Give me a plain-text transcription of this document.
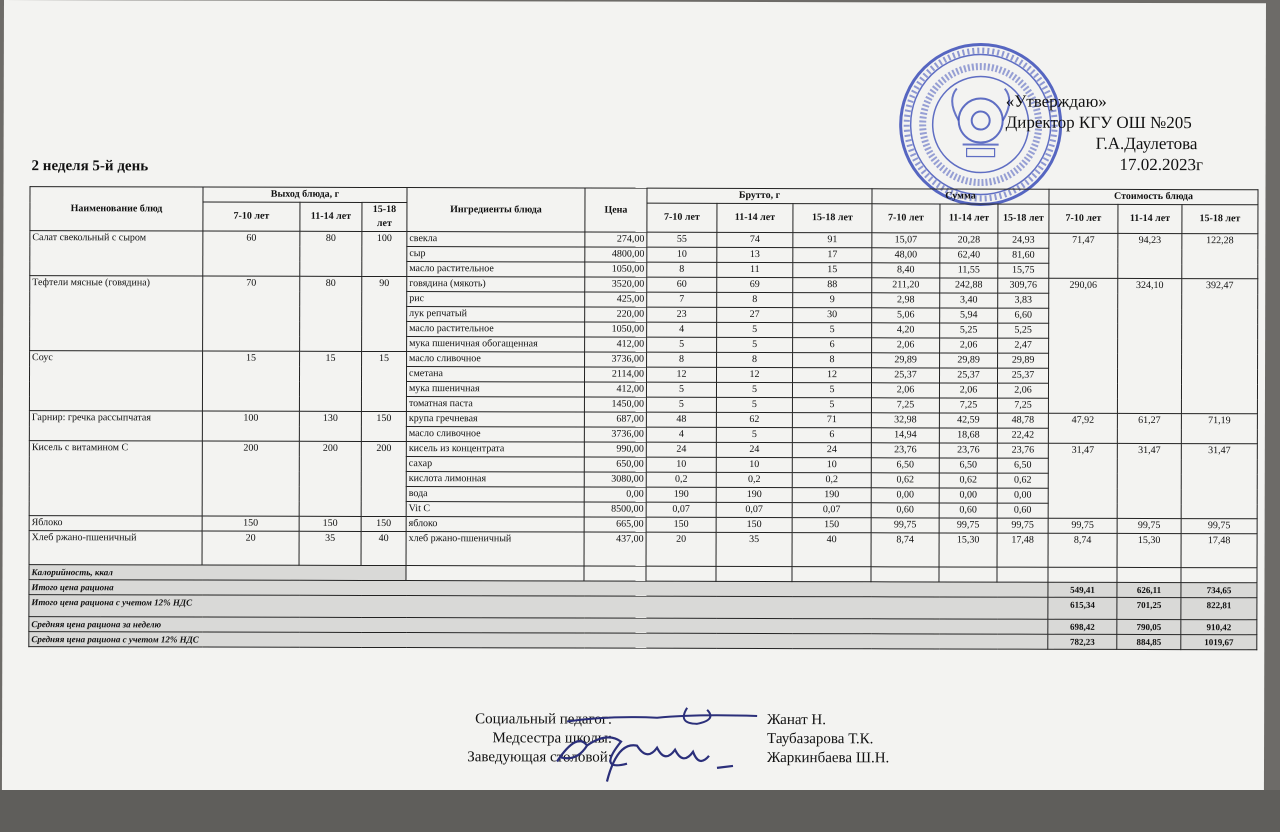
2 неделя 5-й день
«Утверждаю»
Директор КГУ ОШ №205
Г.А.Даулетова
17.02.2023г
Наименование блюд	Выход блюда, г			Ингредиенты блюда	Цена	Брутто, г			Сумма			Стоимость блюда		
	7-10 лет	11-14 лет	15-18 лет			7-10 лет	11-14 лет	15-18 лет	7-10 лет	11-14 лет	15-18 лет	7-10 лет	11-14 лет	15-18 лет
Салат свекольный с сыром	60	80	100	свекла	274,00	55	74	91	15,07	20,28	24,93	71,47	94,23	122,28
				сыр	4800,00	10	13	17	48,00	62,40	81,60			
				масло растительное	1050,00	8	11	15	8,40	11,55	15,75			
Тефтели мясные (говядина)	70	80	90	говядина (мякоть)	3520,00	60	69	88	211,20	242,88	309,76	290,06	324,10	392,47
				рис	425,00	7	8	9	2,98	3,40	3,83			
				лук репчатый	220,00	23	27	30	5,06	5,94	6,60			
				масло растительное	1050,00	4	5	5	4,20	5,25	5,25			
				мука пшеничная обогащенная	412,00	5	5	6	2,06	2,06	2,47			
Соус	15	15	15	масло сливочное	3736,00	8	8	8	29,89	29,89	29,89			
				сметана	2114,00	12	12	12	25,37	25,37	25,37			
				мука пшеничная	412,00	5	5	5	2,06	2,06	2,06			
				томатная паста	1450,00	5	5	5	7,25	7,25	7,25			
Гарнир: гречка рассыпчатая	100	130	150	крупа гречневая	687,00	48	62	71	32,98	42,59	48,78	47,92	61,27	71,19
				масло сливочное	3736,00	4	5	6	14,94	18,68	22,42			
Кисель с витамином С	200	200	200	кисель из концентрата	990,00	24	24	24	23,76	23,76	23,76	31,47	31,47	31,47
				сахар	650,00	10	10	10	6,50	6,50	6,50			
				кислота лимонная	3080,00	0,2	0,2	0,2	0,62	0,62	0,62			
				вода	0,00	190	190	190	0,00	0,00	0,00			
				Vit C	8500,00	0,07	0,07	0,07	0,60	0,60	0,60			
Яблоко	150	150	150	яблоко	665,00	150	150	150	99,75	99,75	99,75	99,75	99,75	99,75
Хлеб ржано-пшеничный	20	35	40	хлеб ржано-пшеничный	437,00	20	35	40	8,74	15,30	17,48	8,74	15,30	17,48
Калорийность, ккал														
Итого цена рациона												549,41	626,11	734,65
Итого цена рациона с учетом 12% НДС												615,34	701,25	822,81
Средняя цена рациона за неделю												698,42	790,05	910,42
Средняя цена рациона с учетом 12% НДС												782,23	884,85	1019,67
Социальный педагог:	Жанат Н.
Медсестра школы:	Таубазарова Т.К.
Заведующая столовой:	Жаркинбаева Ш.Н.
